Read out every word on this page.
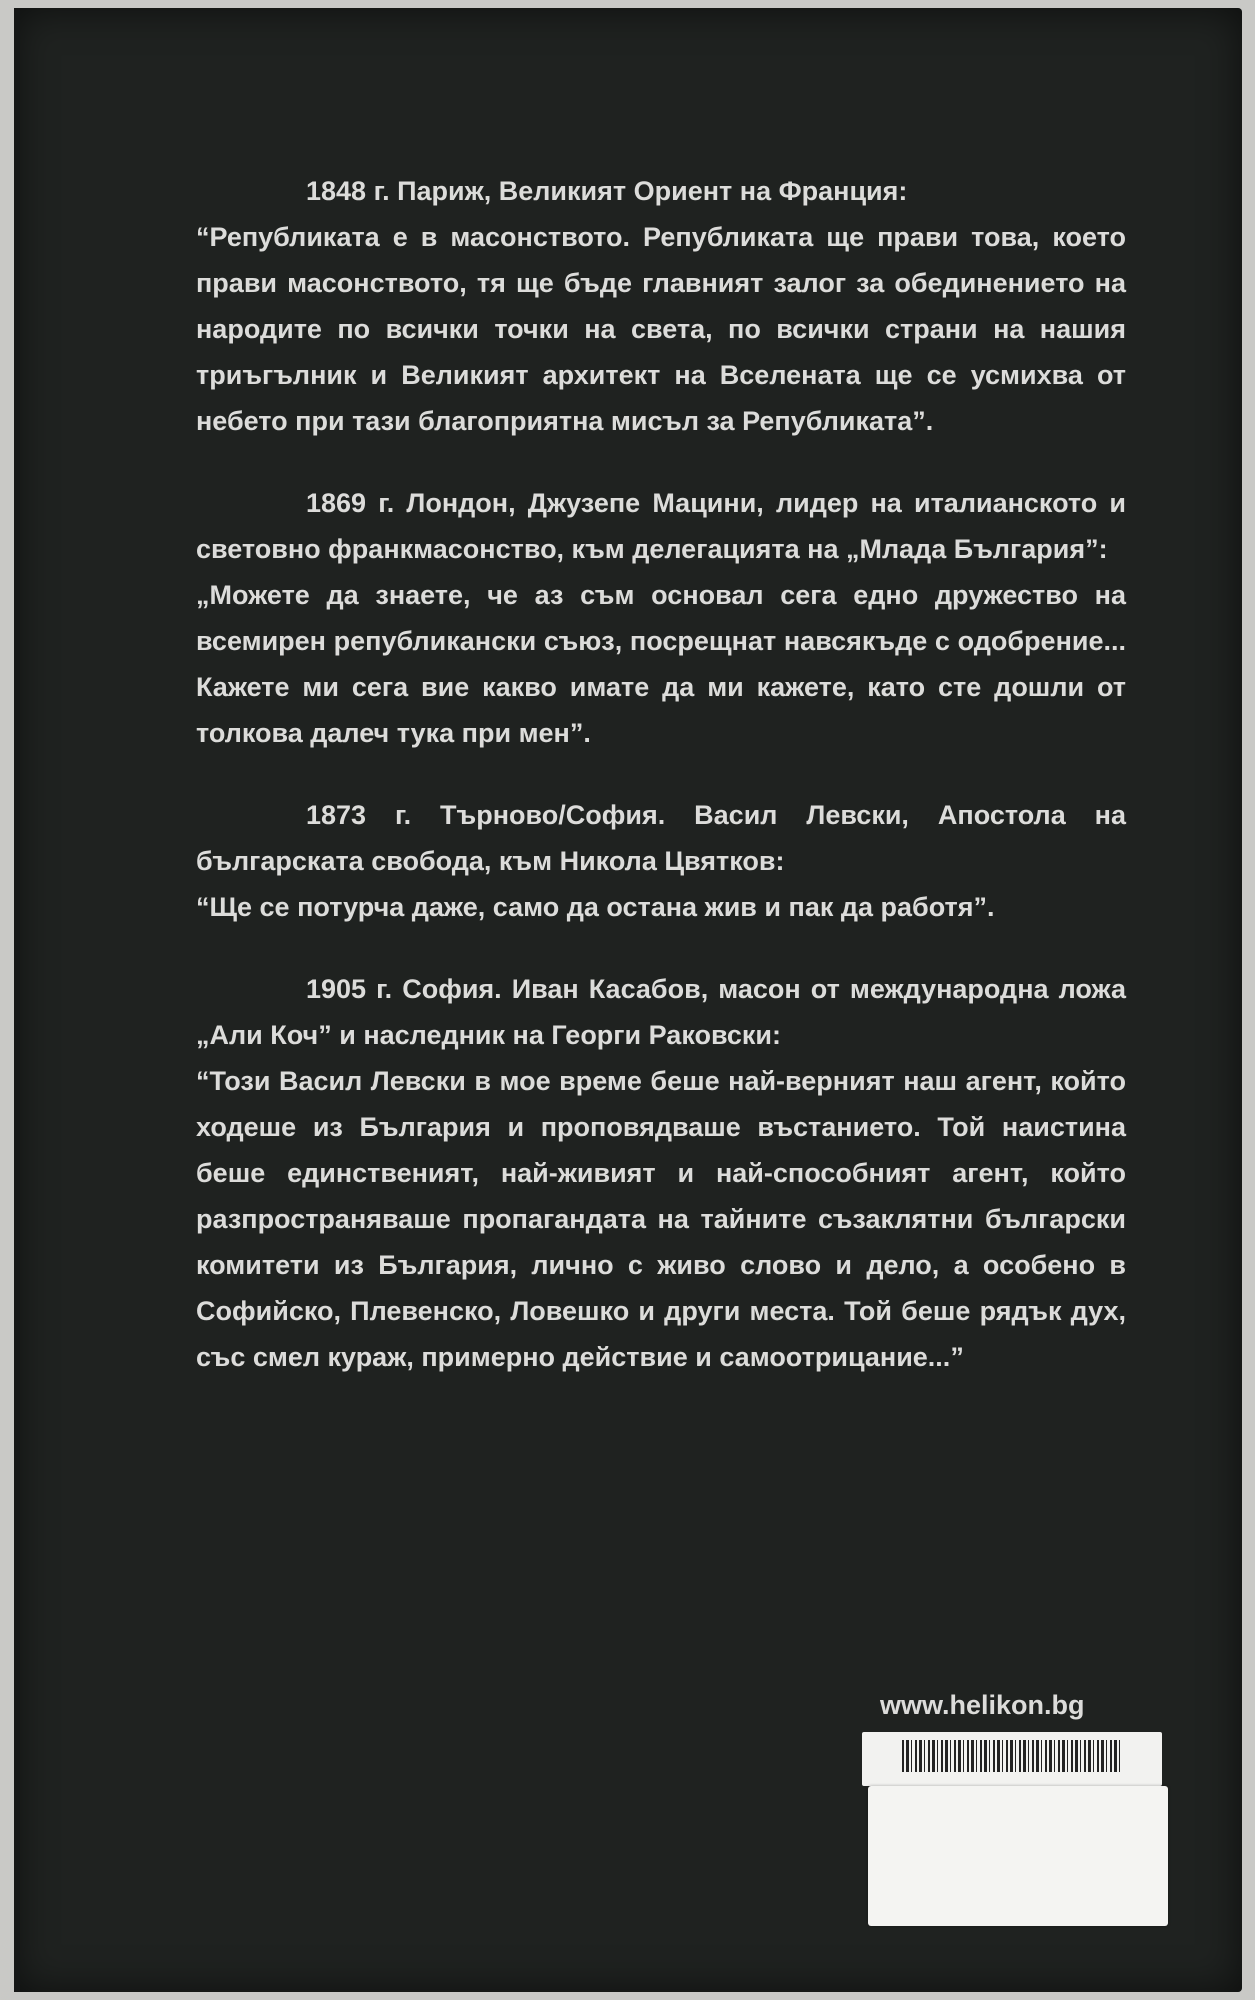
1848 г. Париж, Великият Ориент на Франция:

“Републиката е в масонството. Републиката ще прави това, което прави масонството, тя ще бъде главният залог за обединението на народите по всички точки на света, по всички страни на нашия триъгълник и Великият архитект на Вселената ще се усмихва от небето при тази благоприятна мисъл за Републиката”.

1869 г. Лондон, Джузепе Мацини, лидер на италианското и световно франкмасонство, към делегацията на „Млада България”:

„Можете да знаете, че аз съм основал сега едно дружество на всемирен републикански съюз, посрещнат навсякъде с одобрение... Кажете ми сега вие какво имате да ми кажете, като сте дошли от толкова далеч тука при мен”.

1873 г. Търново/София. Васил Левски, Апостола на българската свобода, към Никола Цвятков:

“Ще се потурча даже, само да остана жив и пак да работя”.

1905 г. София. Иван Касабов, масон от международна ложа „Али Коч” и наследник на Георги Раковски:

“Този Васил Левски в мое време беше най-верният наш агент, който ходеше из България и проповядваше въстанието. Той наистина беше единственият, най-живият и най-способният агент, който разпространяваше пропагандата на тайните съзаклятни български комитети из България, лично с живо слово и дело, а особено в Софийско, Плевенско, Ловешко и други места. Той беше рядък дух, със смел кураж, примерно действие и самоотрицание...”

www.helikon.bg
